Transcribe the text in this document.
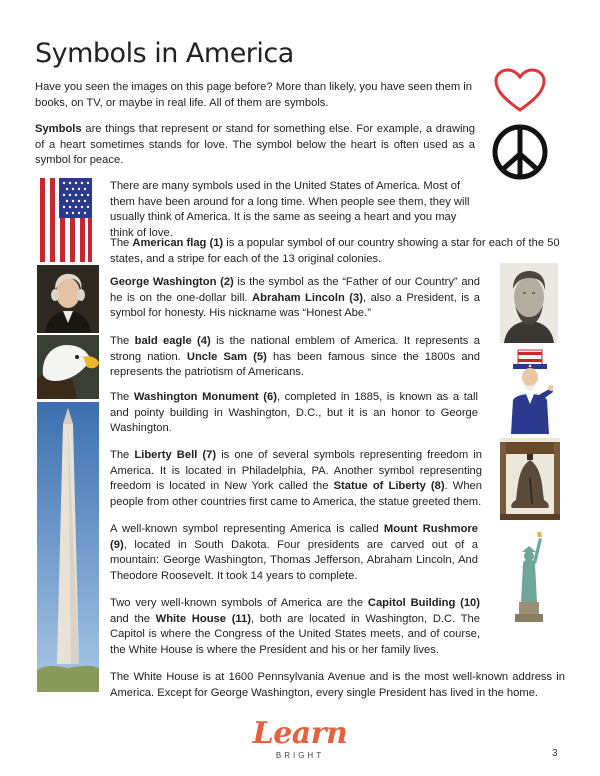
Symbols in America

Have you seen the images on this page before? More than likely, you have seen them in books, on TV, or maybe in real life. All of them are symbols.

Symbols are things that represent or stand for something else. For example, a drawing of a heart sometimes stands for love. The symbol below the heart is often used as a symbol for peace.

There are many symbols used in the United States of America. Most of them have been around for a long time. When people see them, they will usually think of America. It is the same as seeing a heart and you may think of love.

The American flag (1) is a popular symbol of our country showing a star for each of the 50 states, and a stripe for each of the 13 original colonies.

George Washington (2) is the symbol as the “Father of our Country” and he is on the one-dollar bill. Abraham Lincoln (3), also a President, is a symbol for honesty. His nickname was “Honest Abe.”

The bald eagle (4) is the national emblem of America. It represents a strong nation. Uncle Sam (5) has been famous since the 1800s and represents the patriotism of Americans.

The Washington Monument (6), completed in 1885, is known as a tall and pointy building in Washington, D.C., but it is an honor to George Washington.

The Liberty Bell (7) is one of several symbols representing freedom in America. It is located in Philadelphia, PA. Another symbol representing freedom is located in New York called the Statue of Liberty (8). When people from other countries first came to America, the statue greeted them.

A well-known symbol representing America is called Mount Rushmore (9), located in South Dakota. Four presidents are carved out of a mountain: George Washington, Thomas Jefferson, Abraham Lincoln, And Theodore Roosevelt. It took 14 years to complete.

Two very well-known symbols of America are the Capitol Building (10) and the White House (11), both are located in Washington, D.C. The Capitol is where the Congress of the United States meets, and of course, the White House is where the President and his or her family lives.

The White House is at 1600 Pennsylvania Avenue and is the most well-known address in America. Except for George Washington, every single President has lived in the home.

Learn
BRIGHT	3
